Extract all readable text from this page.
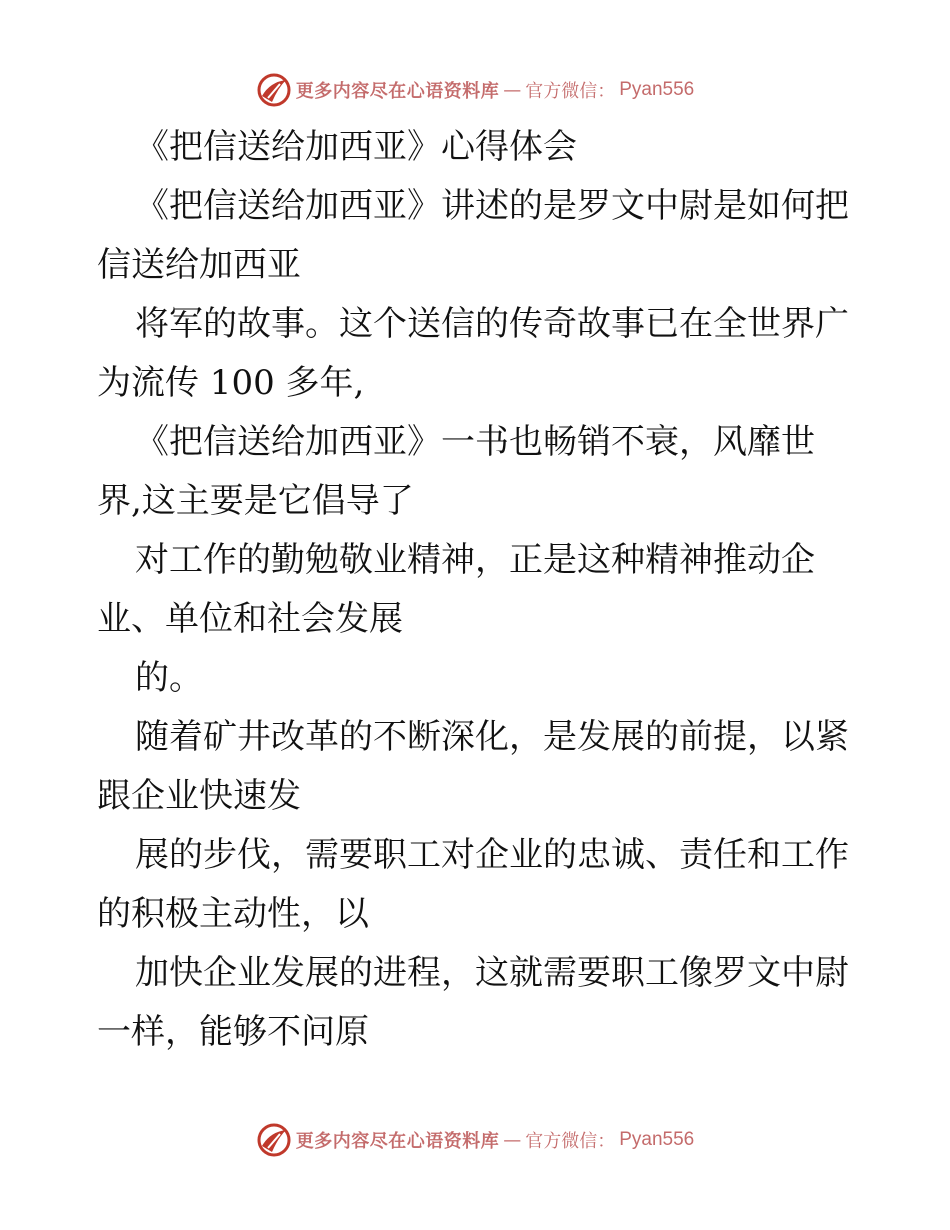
更多内容尽在心语资料库 — 官方微信： Pyan556

《把信送给加西亚》心得体会

《把信送给加西亚》讲述的是罗文中尉是如何把

信送给加西亚

将军的故事。这个送信的传奇故事已在全世界广

为流传 100 多年,

《把信送给加西亚》一书也畅销不衰，风靡世

界,这主要是它倡导了

对工作的勤勉敬业精神，正是这种精神推动企

业、单位和社会发展

的。

随着矿井改革的不断深化，是发展的前提，以紧

跟企业快速发

展的步伐，需要职工对企业的忠诚、责任和工作

的积极主动性，以

加快企业发展的进程，这就需要职工像罗文中尉

一样，能够不问原

更多内容尽在心语资料库 — 官方微信： Pyan556
